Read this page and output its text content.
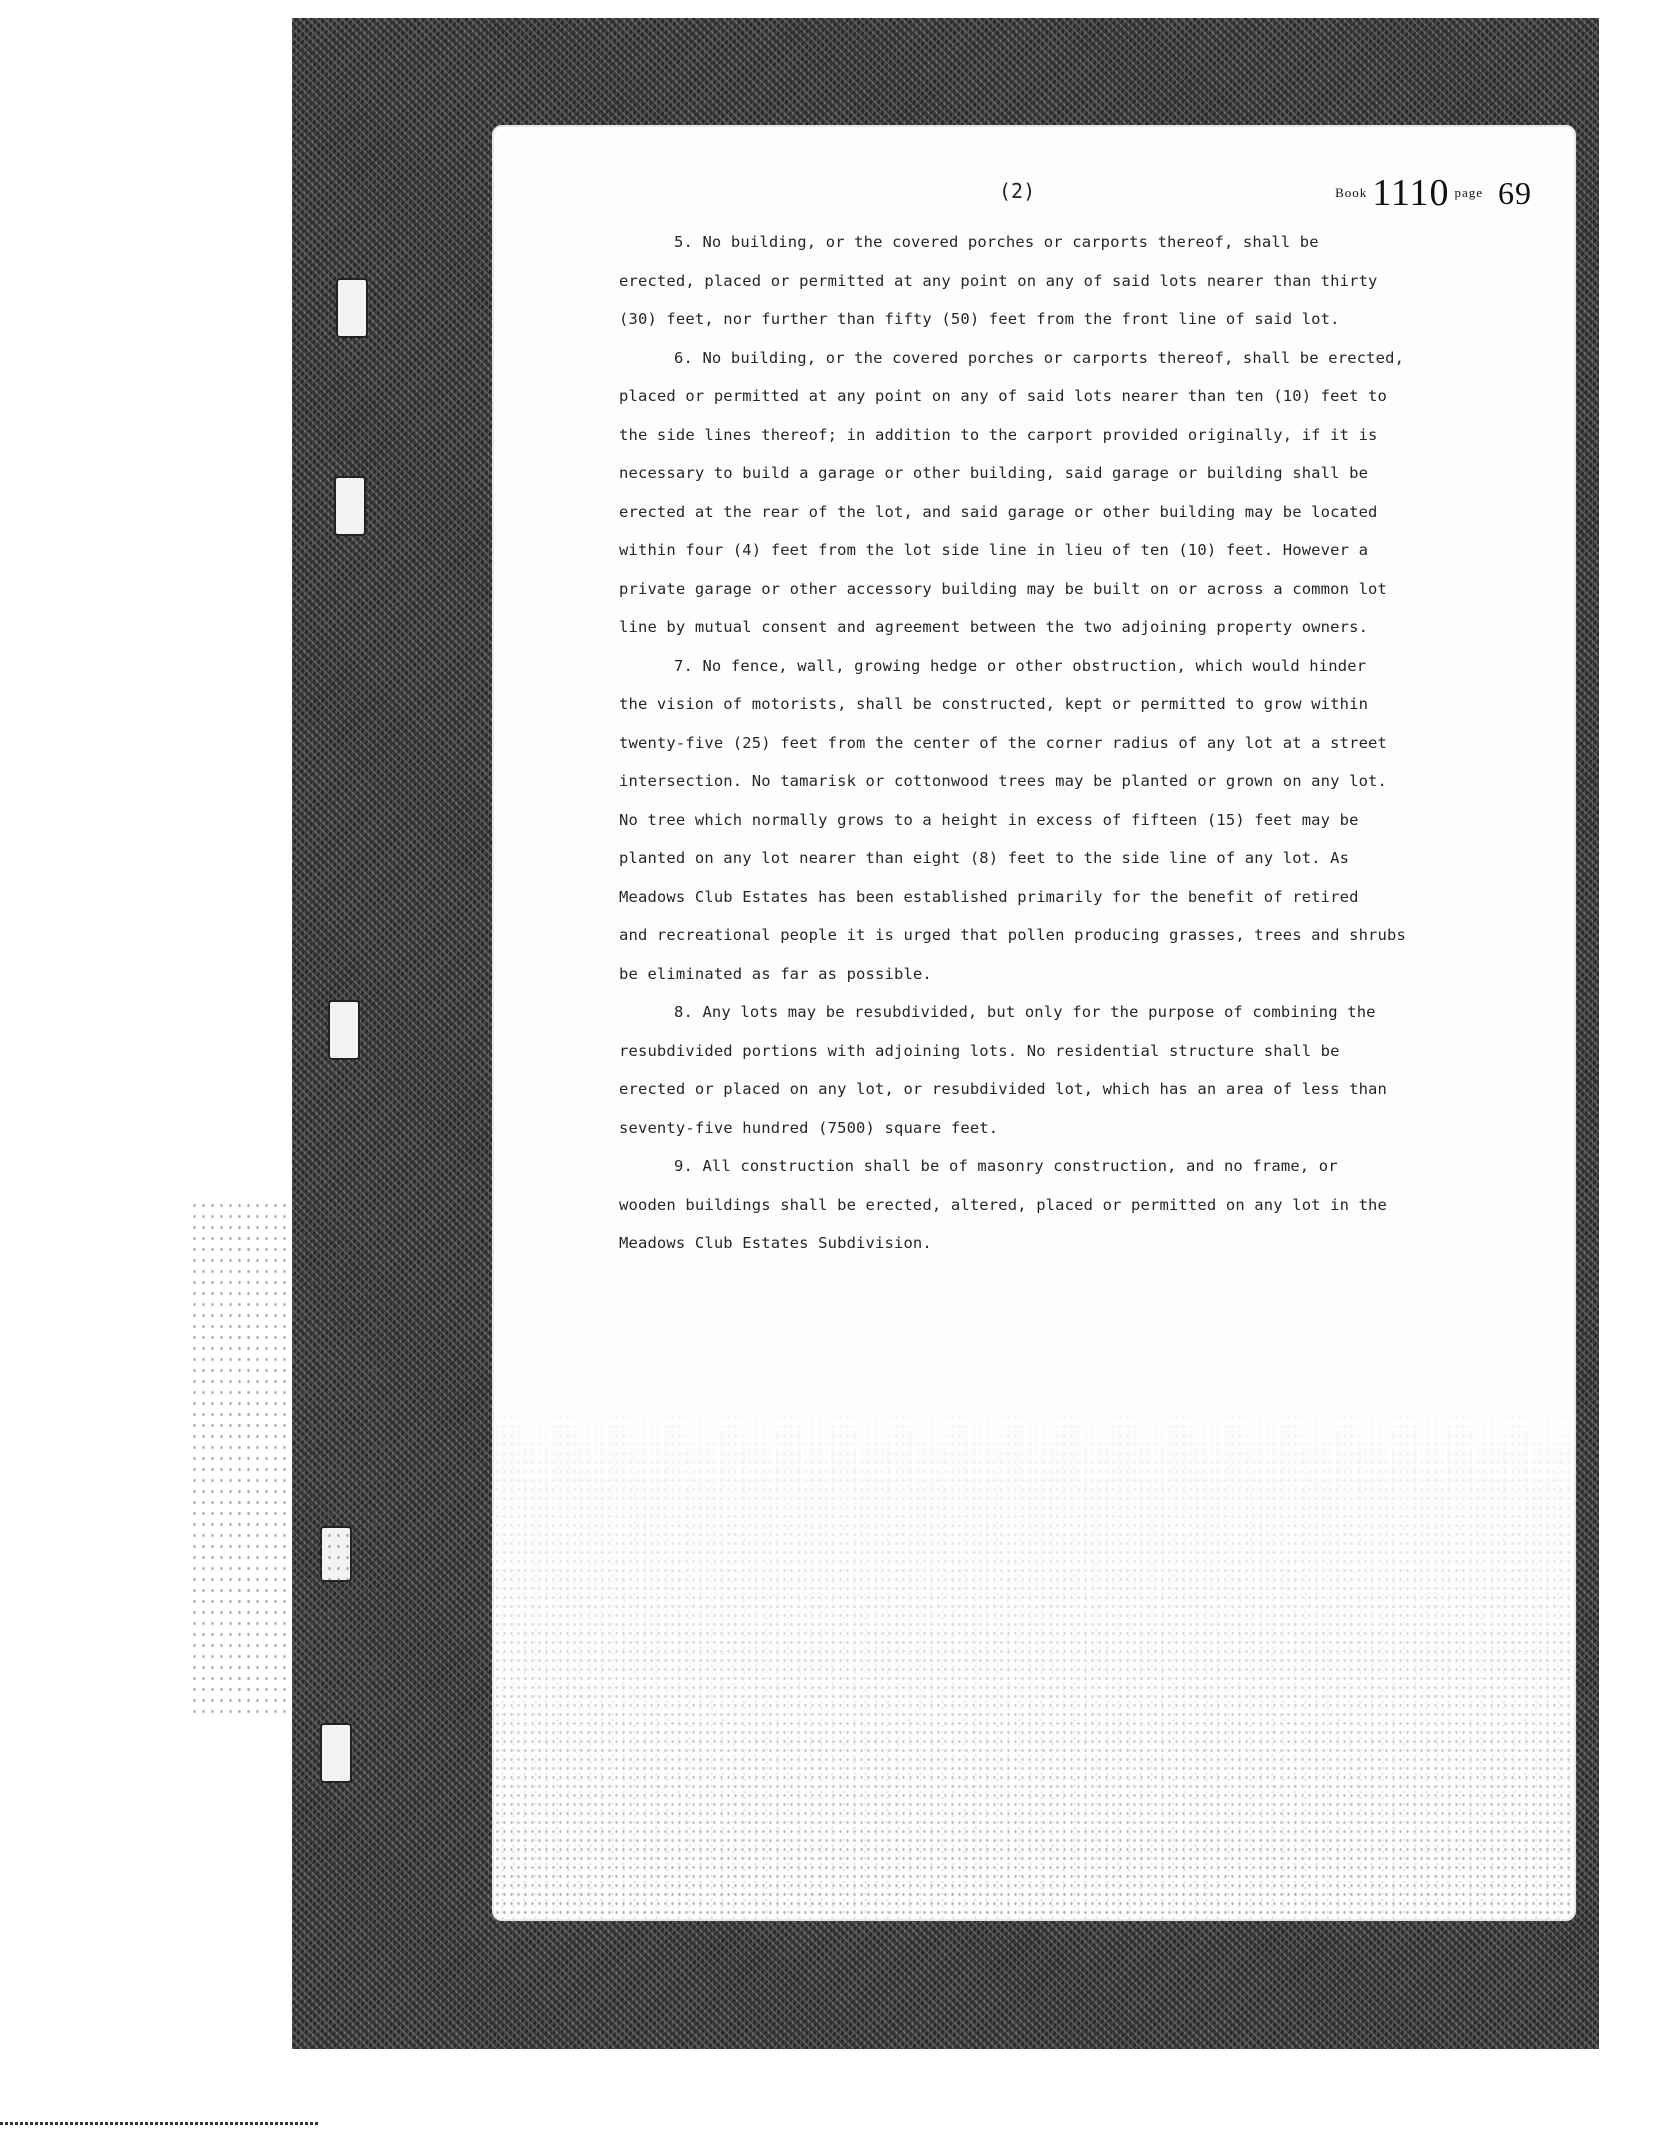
(2)	Book 1110 page 69
5. No building, or the covered porches or carports thereof, shall be
erected, placed or permitted at any point on any of said lots nearer than thirty
(30) feet, nor further than fifty (50) feet from the front line of said lot.
6. No building, or the covered porches or carports thereof, shall be erected,
placed or permitted at any point on any of said lots nearer than ten (10) feet to
the side lines thereof; in addition to the carport provided originally, if it is
necessary to build a garage or other building, said garage or building shall be
erected at the rear of the lot, and said garage or other building may be located
within four (4) feet from the lot side line in lieu of ten (10) feet. However a
private garage or other accessory building may be built on or across a common lot
line by mutual consent and agreement between the two adjoining property owners.
7. No fence, wall, growing hedge or other obstruction, which would hinder
the vision of motorists, shall be constructed, kept or permitted to grow within
twenty-five (25) feet from the center of the corner radius of any lot at a street
intersection. No tamarisk or cottonwood trees may be planted or grown on any lot.
No tree which normally grows to a height in excess of fifteen (15) feet may be
planted on any lot nearer than eight (8) feet to the side line of any lot. As
Meadows Club Estates has been established primarily for the benefit of retired
and recreational people it is urged that pollen producing grasses, trees and shrubs
be eliminated as far as possible.
8. Any lots may be resubdivided, but only for the purpose of combining the
resubdivided portions with adjoining lots. No residential structure shall be
erected or placed on any lot, or resubdivided lot, which has an area of less than
seventy-five hundred (7500) square feet.
9. All construction shall be of masonry construction, and no frame, or
wooden buildings shall be erected, altered, placed or permitted on any lot in the
Meadows Club Estates Subdivision.
